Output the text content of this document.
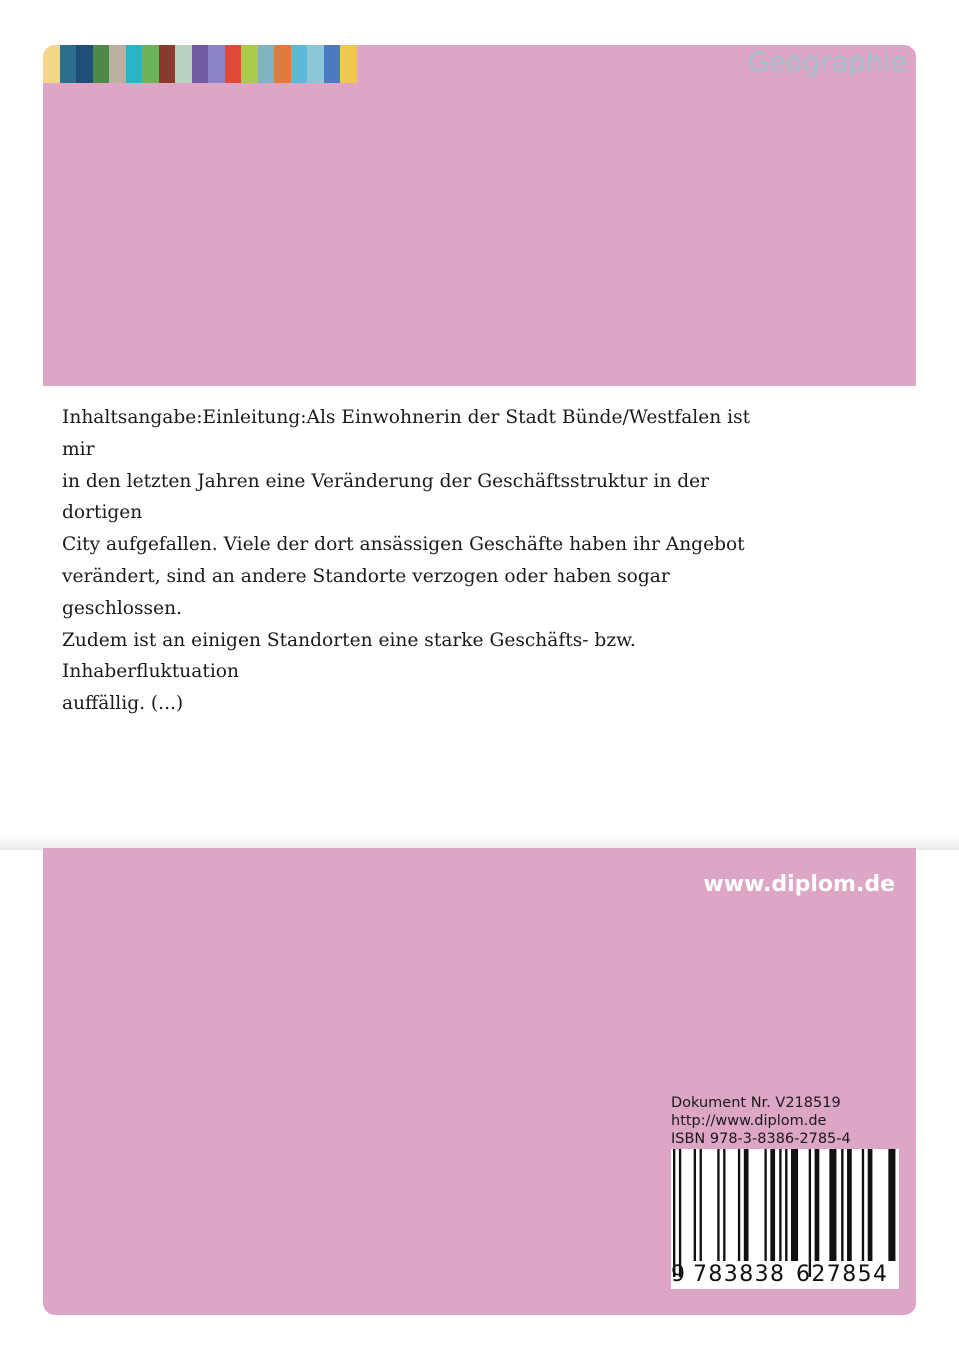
Geographie
Inhaltsangabe:Einleitung:Als Einwohnerin der Stadt Bünde/Westfalen ist mir
in den letzten Jahren eine Veränderung der Geschäftsstruktur in der dortigen
City aufgefallen. Viele der dort ansässigen Geschäfte haben ihr Angebot
verändert, sind an andere Standorte verzogen oder haben sogar geschlossen.
Zudem ist an einigen Standorten eine starke Geschäfts- bzw. Inhaberfluktuation
auffällig. (...)
www.diplom.de
Dokument Nr. V218519
http://www.diplom.de
ISBN 978-3-8386-2785-4
9 783838 627854
